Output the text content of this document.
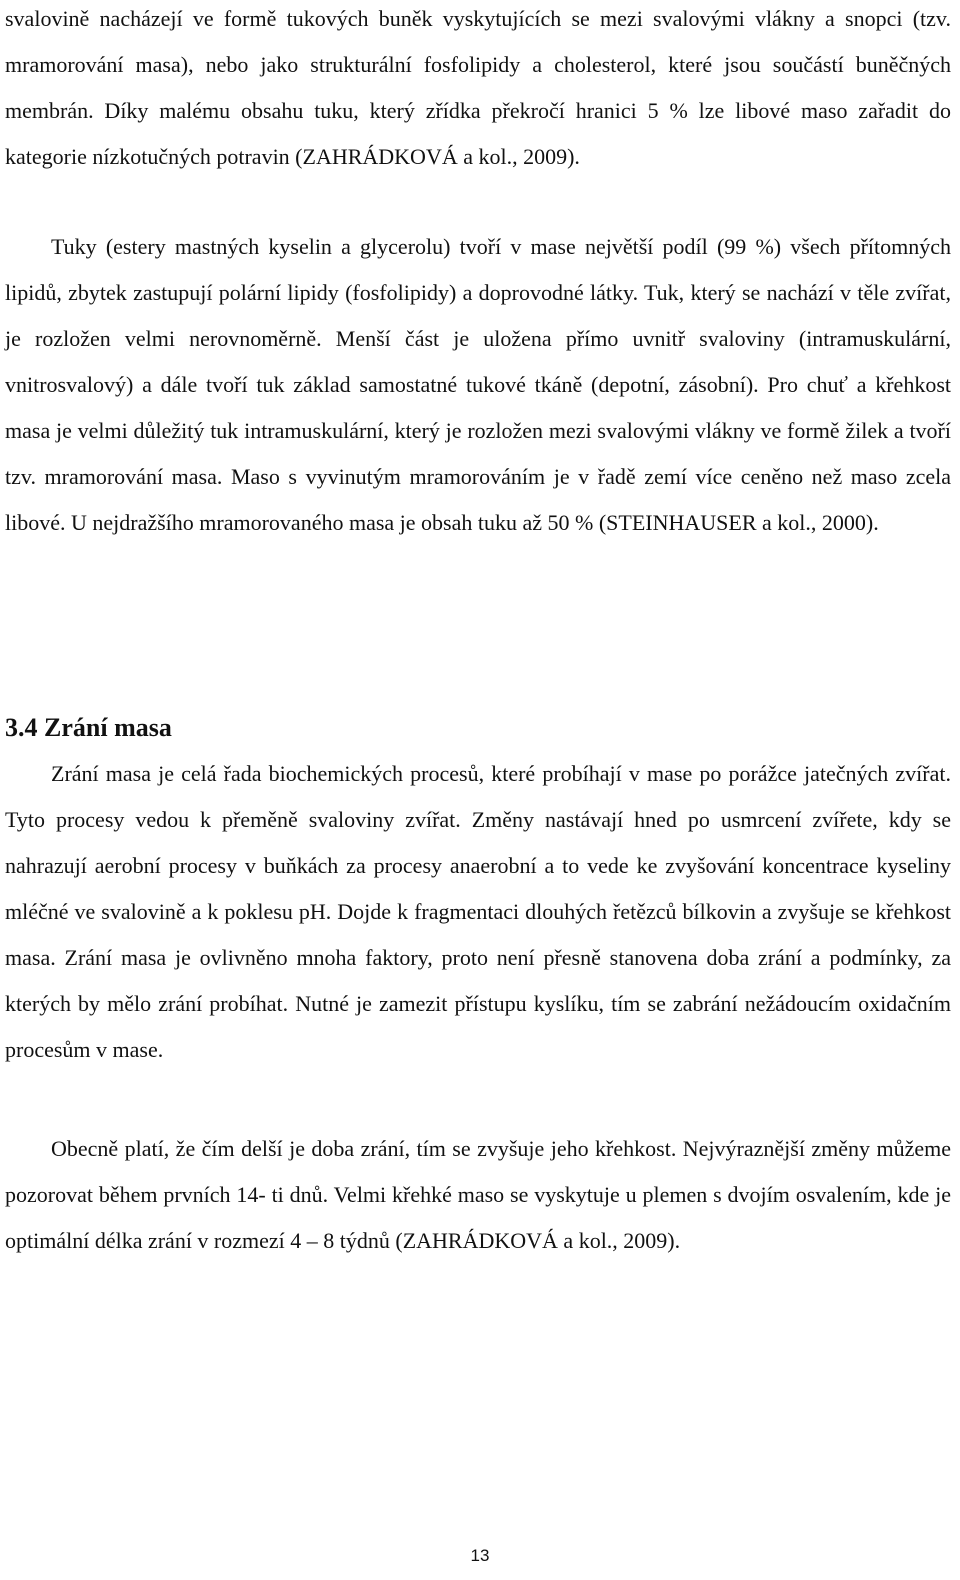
svalovině nacházejí ve formě tukových buněk vyskytujících se mezi svalovými vlákny a snopci (tzv. mramorování masa), nebo jako strukturální fosfolipidy a cholesterol, které jsou součástí buněčných membrán. Díky malému obsahu tuku, který zřídka překročí hranici 5 % lze libové maso zařadit do kategorie nízkotučných potravin (ZAHRÁDKOVÁ a kol., 2009).

Tuky (estery mastných kyselin a glycerolu) tvoří v mase největší podíl (99 %) všech přítomných lipidů, zbytek zastupují polární lipidy (fosfolipidy) a doprovodné látky. Tuk, který se nachází v těle zvířat, je rozložen velmi nerovnoměrně. Menší část je uložena přímo uvnitř svaloviny (intramuskulární, vnitrosvalový) a dále tvoří tuk základ samostatné tukové tkáně (depotní, zásobní). Pro chuť a křehkost masa je velmi důležitý tuk intramuskulární, který je rozložen mezi svalovými vlákny ve formě žilek a tvoří tzv. mramorování masa. Maso s vyvinutým mramorováním je v řadě zemí více ceněno než maso zcela libové. U nejdražšího mramorovaného masa je obsah tuku až 50 % (STEINHAUSER a kol., 2000).

3.4 Zrání masa

Zrání masa je celá řada biochemických procesů, které probíhají v mase po porážce jatečných zvířat. Tyto procesy vedou k přeměně svaloviny zvířat. Změny nastávají hned po usmrcení zvířete, kdy se nahrazují aerobní procesy v buňkách za procesy anaerobní a to vede ke zvyšování koncentrace kyseliny mléčné ve svalovině a k poklesu pH. Dojde k fragmentaci dlouhých řetězců bílkovin a zvyšuje se křehkost masa. Zrání masa je ovlivněno mnoha faktory, proto není přesně stanovena doba zrání a podmínky, za kterých by mělo zrání probíhat. Nutné je zamezit přístupu kyslíku, tím se zabrání nežádoucím oxidačním procesům v mase.

Obecně platí, že čím delší je doba zrání, tím se zvyšuje jeho křehkost. Nejvýraznější změny můžeme pozorovat během prvních 14- ti dnů. Velmi křehké maso se vyskytuje u plemen s dvojím osvalením, kde je optimální délka zrání v rozmezí 4 – 8 týdnů (ZAHRÁDKOVÁ a kol., 2009).

13
